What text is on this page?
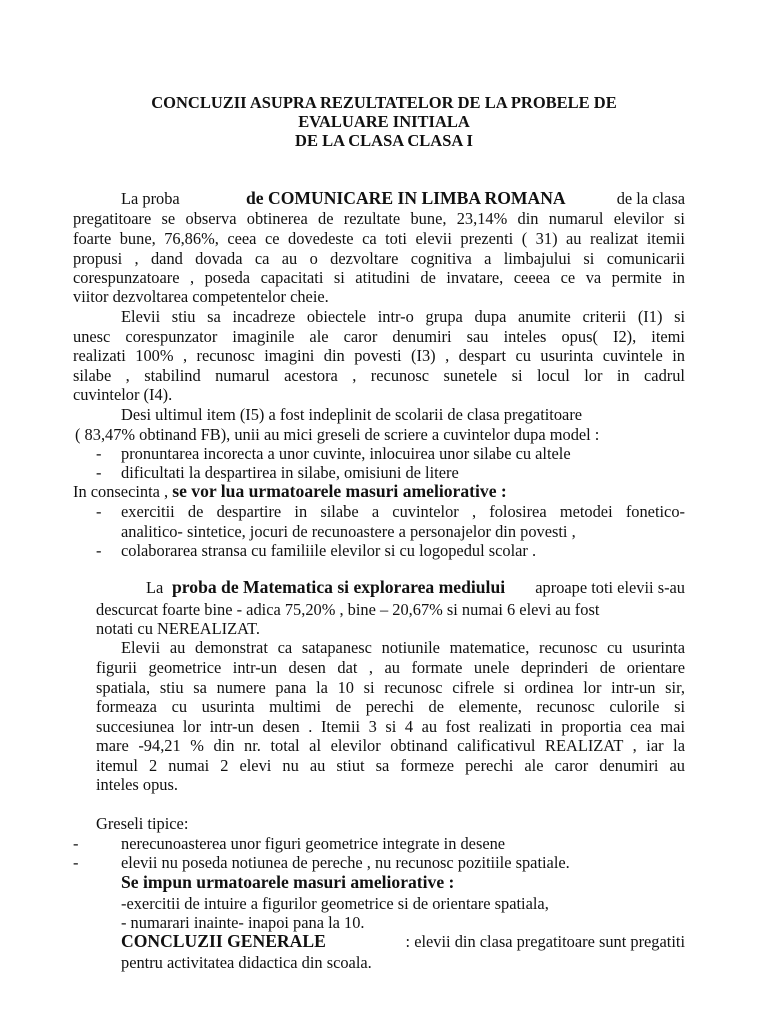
CONCLUZII ASUPRA REZULTATELOR DE LA PROBELE DE
EVALUARE INITIALA
DE LA CLASA CLASA I
La proba	de COMUNICARE IN LIMBA ROMANA	de la clasa
pregatitoare se observa obtinerea de rezultate bune, 23,14% din numarul elevilor si
foarte bune, 76,86%, ceea ce dovedeste ca toti elevii prezenti ( 31) au realizat itemii
propusi , dand dovada ca au o dezvoltare cognitiva a limbajului si comunicarii
corespunzatoare , poseda capacitati si atitudini de invatare, ceeea ce va permite in
viitor dezvoltarea competentelor cheie.
Elevii stiu sa incadreze obiectele intr-o grupa dupa anumite criterii (I1) si
unesc corespunzator imaginile ale caror denumiri sau inteles opus( I2), itemi
realizati 100% , recunosc imagini din povesti (I3) , despart cu usurinta cuvintele in
silabe , stabilind numarul acestora , recunosc sunetele si locul lor in cadrul
cuvintelor (I4).
Desi ultimul item (I5) a fost indeplinit de scolarii de clasa pregatitoare
( 83,47% obtinand FB), unii au mici greseli de scriere a cuvintelor dupa model :
- pronuntarea incorecta a unor cuvinte, inlocuirea unor silabe cu altele
- dificultati la despartirea in silabe, omisiuni de litere
In consecinta , se vor lua urmatoarele masuri ameliorative :
- exercitii de despartire in silabe a cuvintelor , folosirea metodei fonetico-
analitico- sintetice, jocuri de recunoastere a personajelor din povesti ,
- colaborarea stransa cu familiile elevilor si cu logopedul scolar .
La proba de Matematica si explorarea mediului aproape toti elevii s-au
descurcat foarte bine - adica 75,20% , bine – 20,67% si numai 6 elevi au fost
notati cu NEREALIZAT.
Elevii au demonstrat ca satapanesc notiunile matematice, recunosc cu usurinta
figurii geometrice intr-un desen dat , au formate unele deprinderi de orientare
spatiala, stiu sa numere pana la 10 si recunosc cifrele si ordinea lor intr-un sir,
formeaza cu usurinta multimi de perechi de elemente, recunosc culorile si
succesiunea lor intr-un desen . Itemii 3 si 4 au fost realizati in proportia cea mai
mare -94,21 % din nr. total al elevilor obtinand calificativul REALIZAT , iar la
itemul 2 numai 2 elevi nu au stiut sa formeze perechi ale caror denumiri au
inteles opus.
Greseli tipice:
-	nerecunoasterea unor figuri geometrice integrate in desene
-	elevii nu poseda notiunea de pereche , nu recunosc pozitiile spatiale.
Se impun urmatoarele masuri ameliorative :
-exercitii de intuire a figurilor geometrice si de orientare spatiala,
- numarari inainte- inapoi pana la 10.
CONCLUZII GENERALE	: elevii din clasa pregatitoare sunt pregatiti
pentru activitatea didactica din scoala.
